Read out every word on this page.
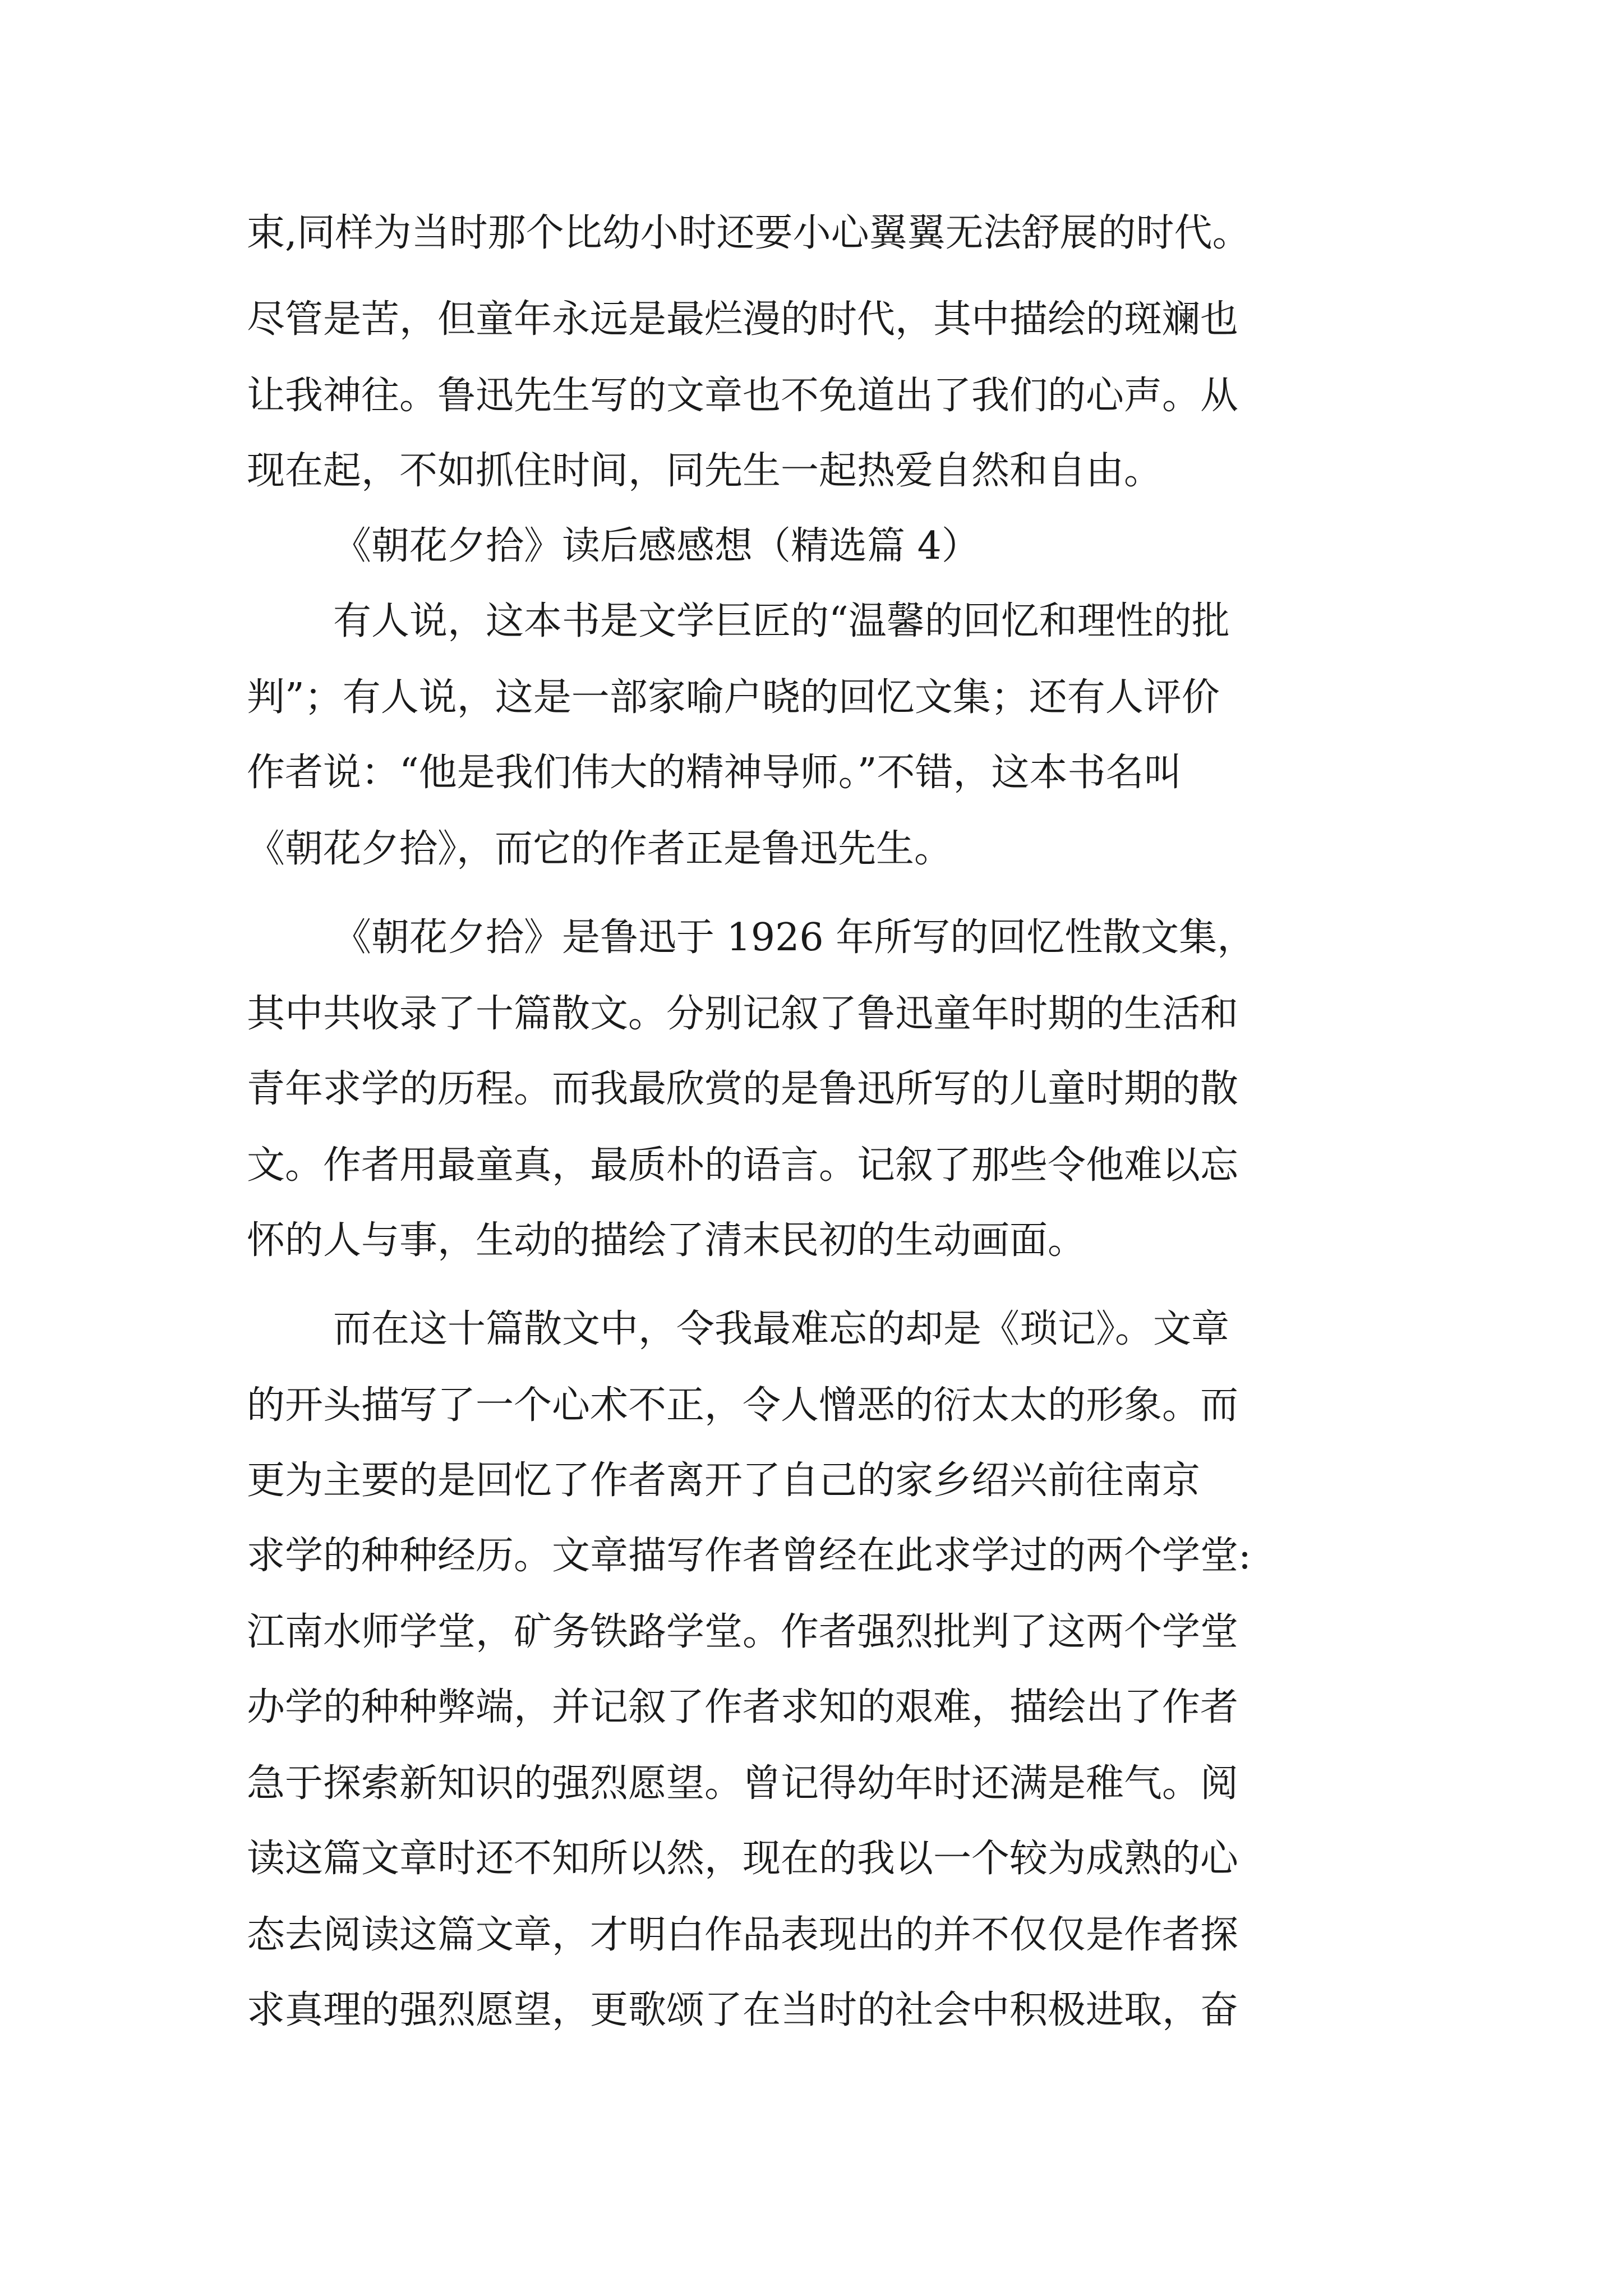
束,同样为当时那个比幼小时还要小心翼翼无法舒展的时代。

尽管是苦，但童年永远是最烂漫的时代，其中描绘的斑斓也

让我神往。鲁迅先生写的文章也不免道出了我们的心声。从

现在起，不如抓住时间，同先生一起热爱自然和自由。

《朝花夕拾》读后感感想（精选篇 4）

有人说，这本书是文学巨匠的“温馨的回忆和理性的批

判”；有人说，这是一部家喻户晓的回忆文集；还有人评价

作者说：“他是我们伟大的精神导师。”不错，这本书名叫

《朝花夕拾》，而它的作者正是鲁迅先生。

《朝花夕拾》是鲁迅于 1926 年所写的回忆性散文集，

其中共收录了十篇散文。分别记叙了鲁迅童年时期的生活和

青年求学的历程。而我最欣赏的是鲁迅所写的儿童时期的散

文。作者用最童真，最质朴的语言。记叙了那些令他难以忘

怀的人与事，生动的描绘了清末民初的生动画面。

而在这十篇散文中，令我最难忘的却是《琐记》。文章

的开头描写了一个心术不正，令人憎恶的衍太太的形象。而

更为主要的是回忆了作者离开了自己的家乡绍兴前往南京

求学的种种经历。文章描写作者曾经在此求学过的两个学堂:

江南水师学堂，矿务铁路学堂。作者强烈批判了这两个学堂

办学的种种弊端，并记叙了作者求知的艰难，描绘出了作者

急于探索新知识的强烈愿望。曾记得幼年时还满是稚气。阅

读这篇文章时还不知所以然，现在的我以一个较为成熟的心

态去阅读这篇文章，才明白作品表现出的并不仅仅是作者探

求真理的强烈愿望，更歌颂了在当时的社会中积极进取，奋
